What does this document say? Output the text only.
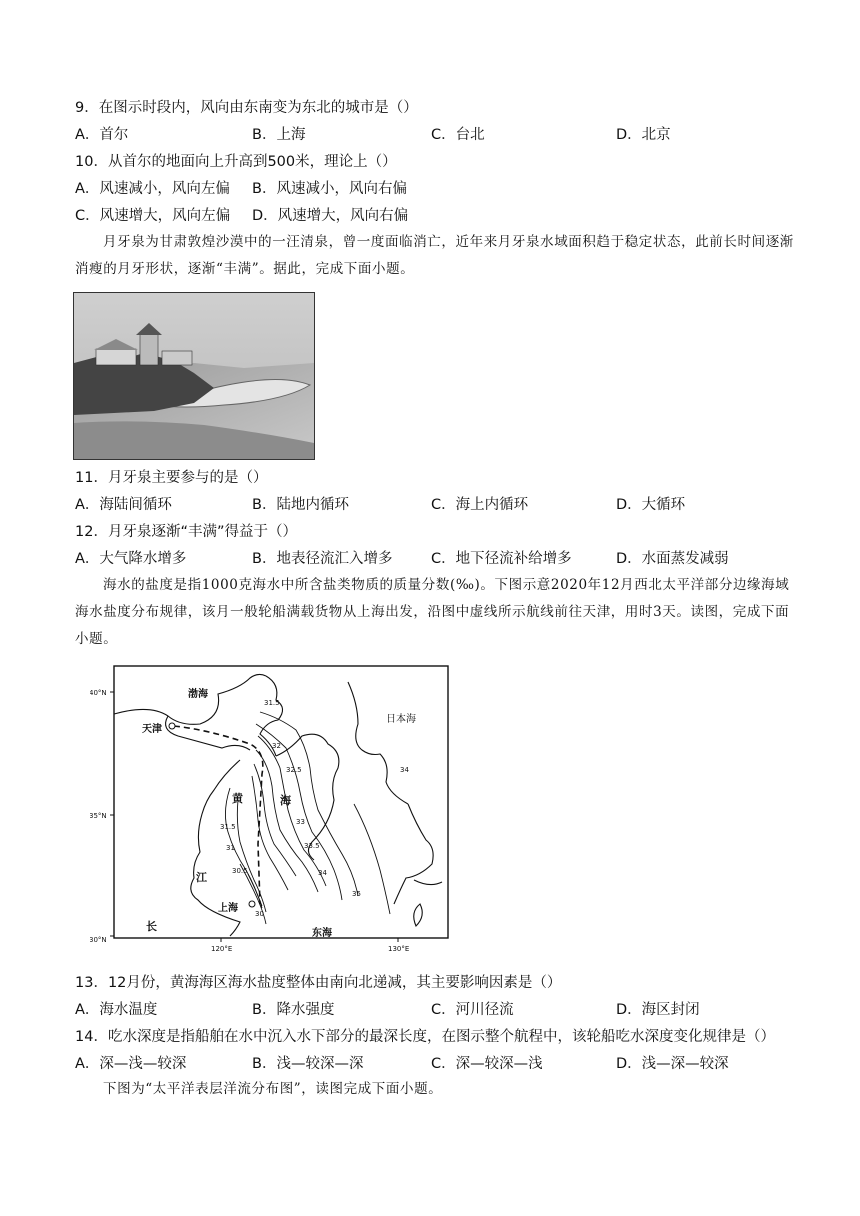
9．在图示时段内，风向由东南变为东北的城市是（）
A．首尔	B．上海	C．台北	D．北京
10．从首尔的地面向上升高到500米，理论上（）
A．风速减小，风向左偏 B．风速减小，风向右偏
C．风速增大，风向左偏 D．风速增大，风向右偏
月牙泉为甘肃敦煌沙漠中的一汪清泉，曾一度面临消亡，近年来月牙泉水域面积趋于稳定状态，此前长时间逐渐消瘦的月牙形状，逐渐“丰满”。据此，完成下面小题。
11．月牙泉主要参与的是（）
A．海陆间循环	B．陆地内循环	C．海上内循环	D．大循环
12．月牙泉逐渐“丰满”得益于（）
A．大气降水增多	B．地表径流汇入增多	C．地下径流补给增多	D．水面蒸发减弱
海水的盐度是指1000克海水中所含盐类物质的质量分数(‰)。下图示意2020年12月西北太平洋部分边缘海域海水盐度分布规律，该月一般轮船满载货物从上海出发，沿图中虚线所示航线前往天津，用时3天。读图，完成下面小题。
40°N
35°N
30°N
120°E	130°E
渤海
天津
日本海
黄	海
江
长
上海
东海
31.5
32
32.5
33
33.5
34
31.5
31
30.5
30
35
34
13．12月份，黄海海区海水盐度整体由南向北递减，其主要影响因素是（）
A．海水温度	B．降水强度	C．河川径流	D．海区封闭
14．吃水深度是指船舶在水中沉入水下部分的最深长度，在图示整个航程中，该轮船吃水深度变化规律是（）
A．深—浅—较深	B．浅—较深—深	C．深—较深—浅	D．浅—深—较深
下图为“太平洋表层洋流分布图”，读图完成下面小题。
